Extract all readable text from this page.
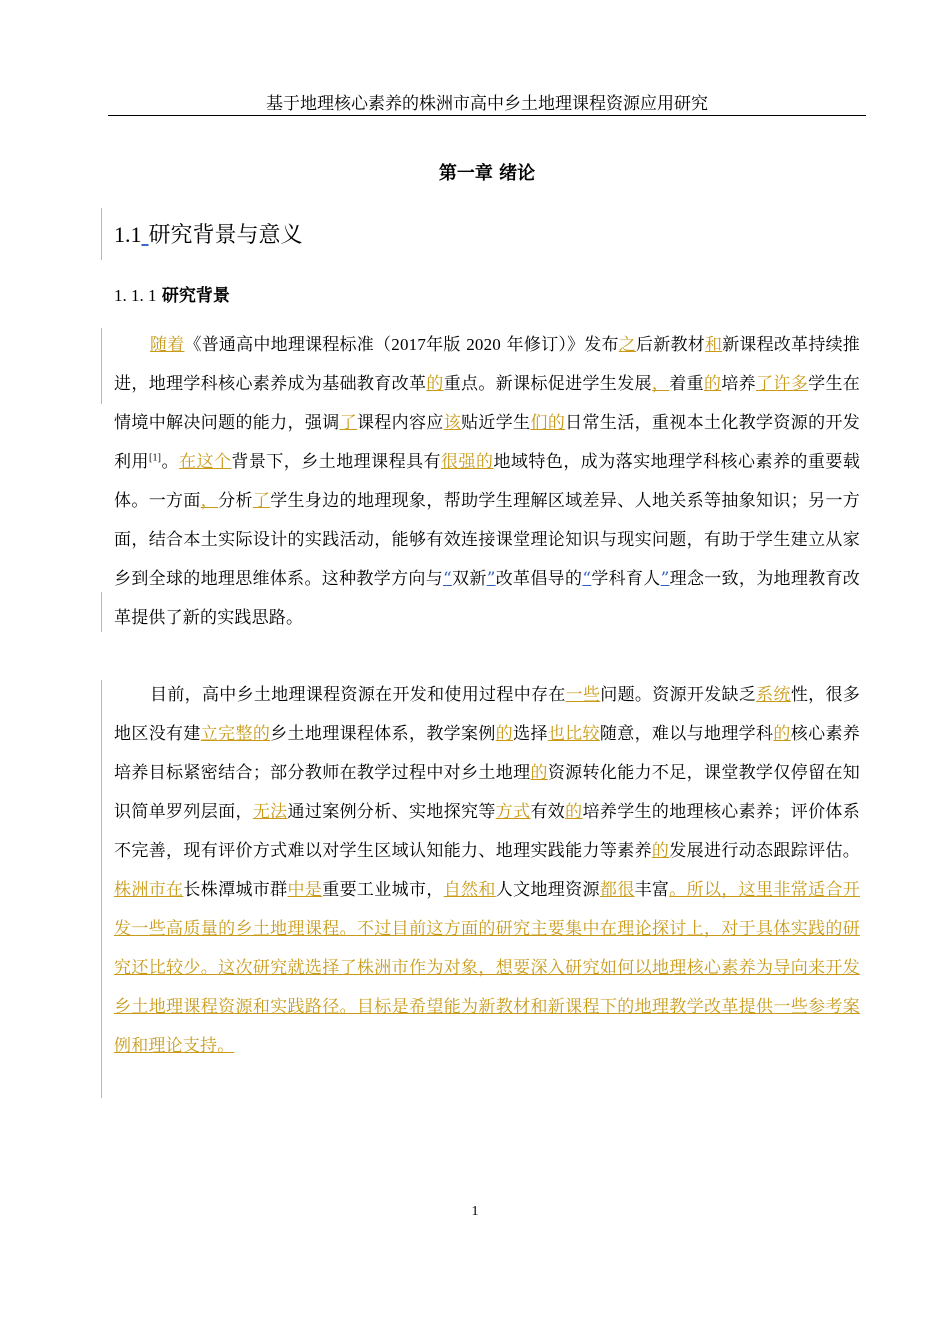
基于地理核心素养的株洲市高中乡土地理课程资源应用研究
第一章 绪论
1.1 研究背景与意义
1. 1. 1 研究背景
随着《普通高中地理课程标准（2017年版 2020 年修订）》发布之后新教材和新课程改革持续推进，地理学科核心素养成为基础教育改革的重点。新课标促进学生发展，着重的培养了许多学生在情境中解决问题的能力，强调了课程内容应该贴近学生们的日常生活，重视本土化教学资源的开发利用[1]。在这个背景下，乡土地理课程具有很强的地域特色，成为落实地理学科核心素养的重要载体。一方面，分析了学生身边的地理现象，帮助学生理解区域差异、人地关系等抽象知识；另一方面，结合本土实际设计的实践活动，能够有效连接课堂理论知识与现实问题，有助于学生建立从家乡到全球的地理思维体系。这种教学方向与“双新”改革倡导的“学科育人”理念一致，为地理教育改革提供了新的实践思路。
目前，高中乡土地理课程资源在开发和使用过程中存在一些问题。资源开发缺乏系统性，很多地区没有建立完整的乡土地理课程体系，教学案例的选择也比较随意，难以与地理学科的核心素养培养目标紧密结合；部分教师在教学过程中对乡土地理的资源转化能力不足，课堂教学仅停留在知识简单罗列层面，无法通过案例分析、实地探究等方式有效的培养学生的地理核心素养；评价体系不完善，现有评价方式难以对学生区域认知能力、地理实践能力等素养的发展进行动态跟踪评估。株洲市在长株潭城市群中是重要工业城市，自然和人文地理资源都很丰富。所以，这里非常适合开发一些高质量的乡土地理课程。不过目前这方面的研究主要集中在理论探讨上，对于具体实践的研究还比较少。这次研究就选择了株洲市作为对象，想要深入研究如何以地理核心素养为导向来开发乡土地理课程资源和实践路径。目标是希望能为新教材和新课程下的地理教学改革提供一些参考案例和理论支持。
1
